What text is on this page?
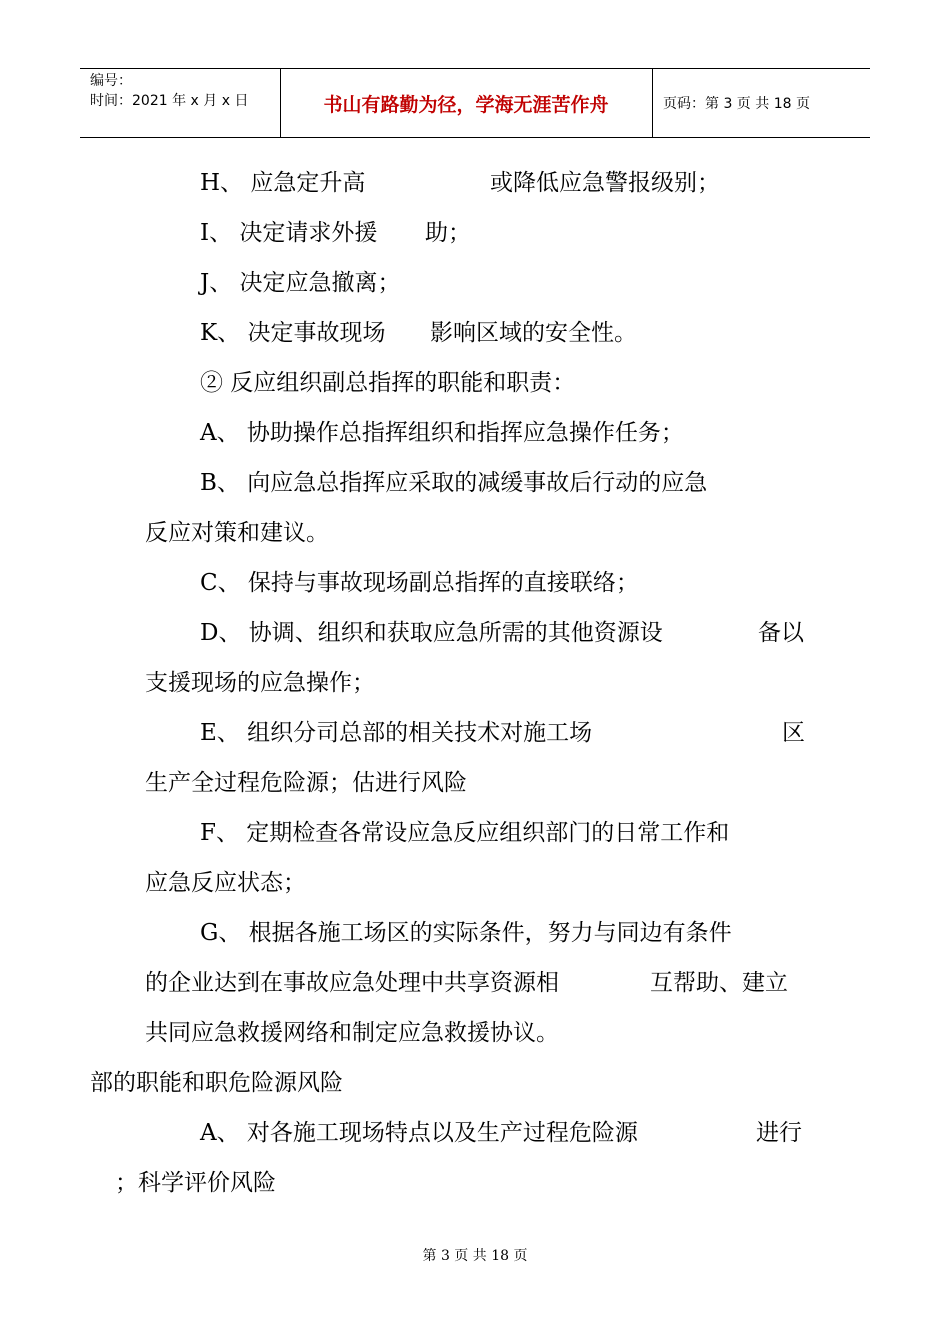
编号：
时间：2021 年 x 月 x 日	书山有路勤为径，学海无涯苦作舟	页码：第 3 页 共 18 页
H、 应急定升高	或降低应急警报级别；
I、 决定请求外援 助；
J、 决定应急撤离；
K、 决定事故现场 影响区域的安全性。
② 反应组织副总指挥的职能和职责：
A、 协助操作总指挥组织和指挥应急操作任务；
B、 向应急总指挥应采取的减缓事故后行动的应急
反应对策和建议。
C、 保持与事故现场副总指挥的直接联络；
D、 协调、组织和获取应急所需的其他资源设	备以
支援现场的应急操作；
E、 组织分司总部的相关技术对施工场	区
生产全过程危险源；估进行风险
F、 定期检查各常设应急反应组织部门的日常工作和
应急反应状态；
G、 根据各施工场区的实际条件，努力与同边有条件
的企业达到在事故应急处理中共享资源相	互帮助、建立
共同应急救援网络和制定应急救援协议。
部的职能和职危险源风险
A、 对各施工现场特点以及生产过程危险源	进行
；科学评价风险
第 3 页 共 18 页
